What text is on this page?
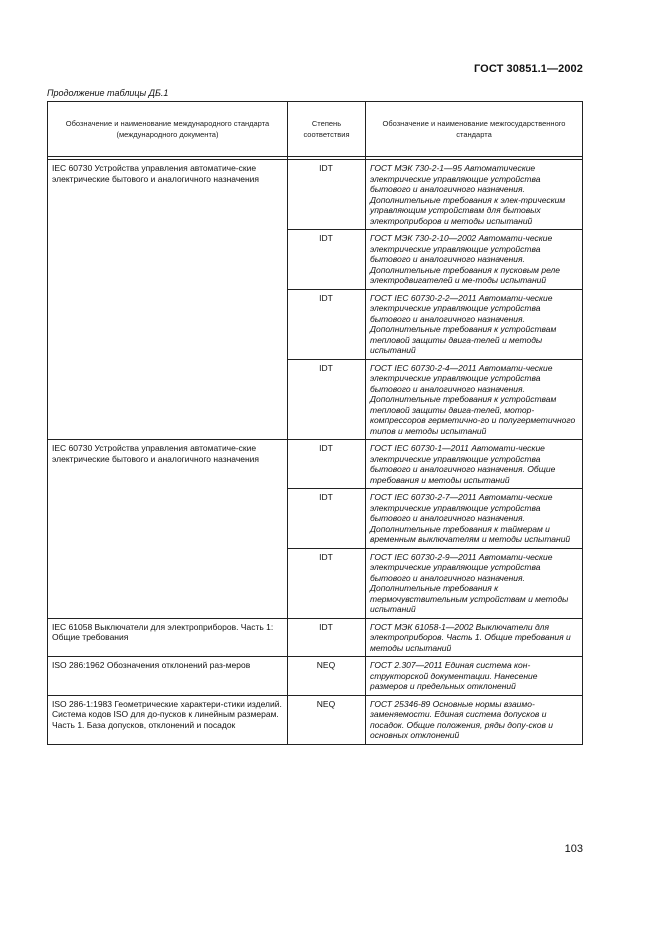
ГОСТ 30851.1—2002
Продолжение таблицы ДБ.1
Обозначение и наименование международного стандарта (международного документа)	Степень соответствия	Обозначение и наименование межгосударственного стандарта

IEC 60730 Устройства управления автоматиче-ские электрические бытового и аналогичного назначения	IDT	ГОСТ МЭК 730-2-1—95 Автоматические электрические управляющие устройства бытового и аналогичного назначения. Дополнительные требования к элек-трическим управляющим устройствам для бытовых электроприборов и методы испытаний
	IDT	ГОСТ МЭК 730-2-10—2002 Автомати-ческие электрические управляющие устройства бытового и аналогичного назначения. Дополнительные требования к пусковым реле электродвигателей и ме-тоды испытаний
	IDT	ГОСТ IEC 60730-2-2—2011 Автомати-ческие электрические управляющие устройства бытового и аналогичного назначения. Дополнительные требования к устройствам тепловой защиты двига-телей и методы испытаний
	IDT	ГОСТ IEC 60730-2-4—2011 Автомати-ческие электрические управляющие устройства бытового и аналогичного назначения. Дополнительные требования к устройствам тепловой защиты двига-телей, мотор-компрессоров герметично-го и полугерметичного типов и методы испытаний
IEC 60730 Устройства управления автоматиче-ские электрические бытового и аналогичного назначения	IDT	ГОСТ IEC 60730-1—2011 Автомати-ческие электрические управляющие устройства бытового и аналогичного назначения. Общие требования и методы испытаний
	IDT	ГОСТ IEC 60730-2-7—2011 Автомати-ческие электрические управляющие устройства бытового и аналогичного назначения. Дополнительные требования к таймерам и временным выключателям и методы испытаний
	IDT	ГОСТ IEC 60730-2-9—2011 Автомати-ческие электрические управляющие устройства бытового и аналогичного назначения. Дополнительные требования к термочувствительным устройствам и методы испытаний
IEC 61058 Выключатели для электроприборов. Часть 1: Общие требования	IDT	ГОСТ МЭК 61058-1—2002 Выключатели для электроприборов. Часть 1. Общие требования и методы испытаний
ISO 286:1962 Обозначения отклонений раз-меров	NEQ	ГОСТ 2.307—2011 Единая система кон-структорской документации. Нанесение размеров и предельных отклонений
ISO 286-1:1983 Геометрические характери-стики изделий. Система кодов ISO для до-пусков к линейным размерам. Часть 1. База допусков, отклонений и посадок	NEQ	ГОСТ 25346-89 Основные нормы взаимо-заменяемости. Единая система допусков и посадок. Общие положения, ряды допу-сков и основных отклонений
103
